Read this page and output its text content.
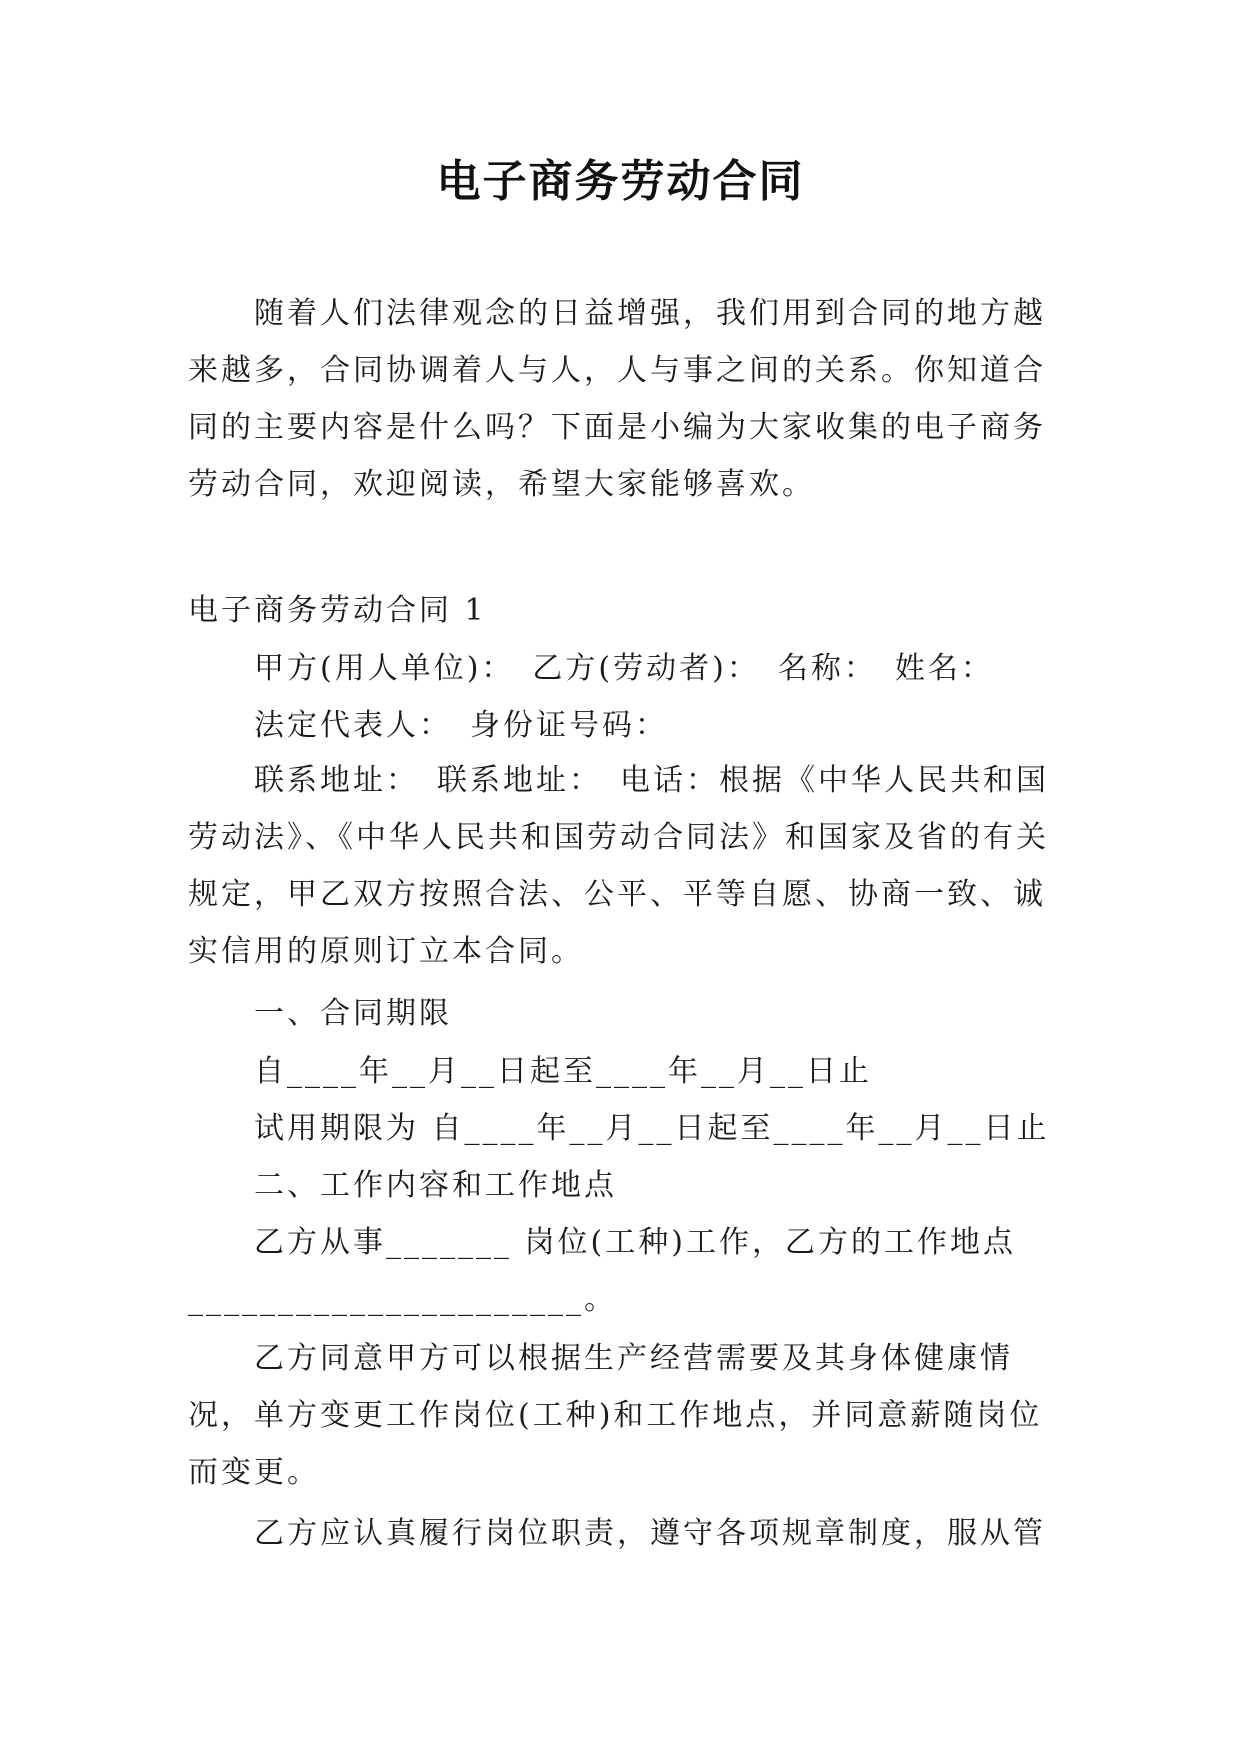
电子商务劳动合同

随着人们法律观念的日益增强，我们用到合同的地方越来越多，合同协调着人与人，人与事之间的关系。你知道合同的主要内容是什么吗？下面是小编为大家收集的电子商务劳动合同，欢迎阅读，希望大家能够喜欢。

电子商务劳动合同 1

甲方(用人单位)：　乙方(劳动者)：　名称：　姓名：

法定代表人：　身份证号码：

联系地址：　联系地址：　电话：根据《中华人民共和国劳动法》、《中华人民共和国劳动合同法》和国家及省的有关规定，甲乙双方按照合法、公平、平等自愿、协商一致、诚实信用的原则订立本合同。

一、合同期限

自____年__月__日起至____年__月__日止

试用期限为 自____年__月__日起至____年__月__日止

二、工作内容和工作地点

乙方从事_______ 岗位(工种)工作，乙方的工作地点______________________。

乙方同意甲方可以根据生产经营需要及其身体健康情况，单方变更工作岗位(工种)和工作地点，并同意薪随岗位而变更。

乙方应认真履行岗位职责，遵守各项规章制度，服从管
